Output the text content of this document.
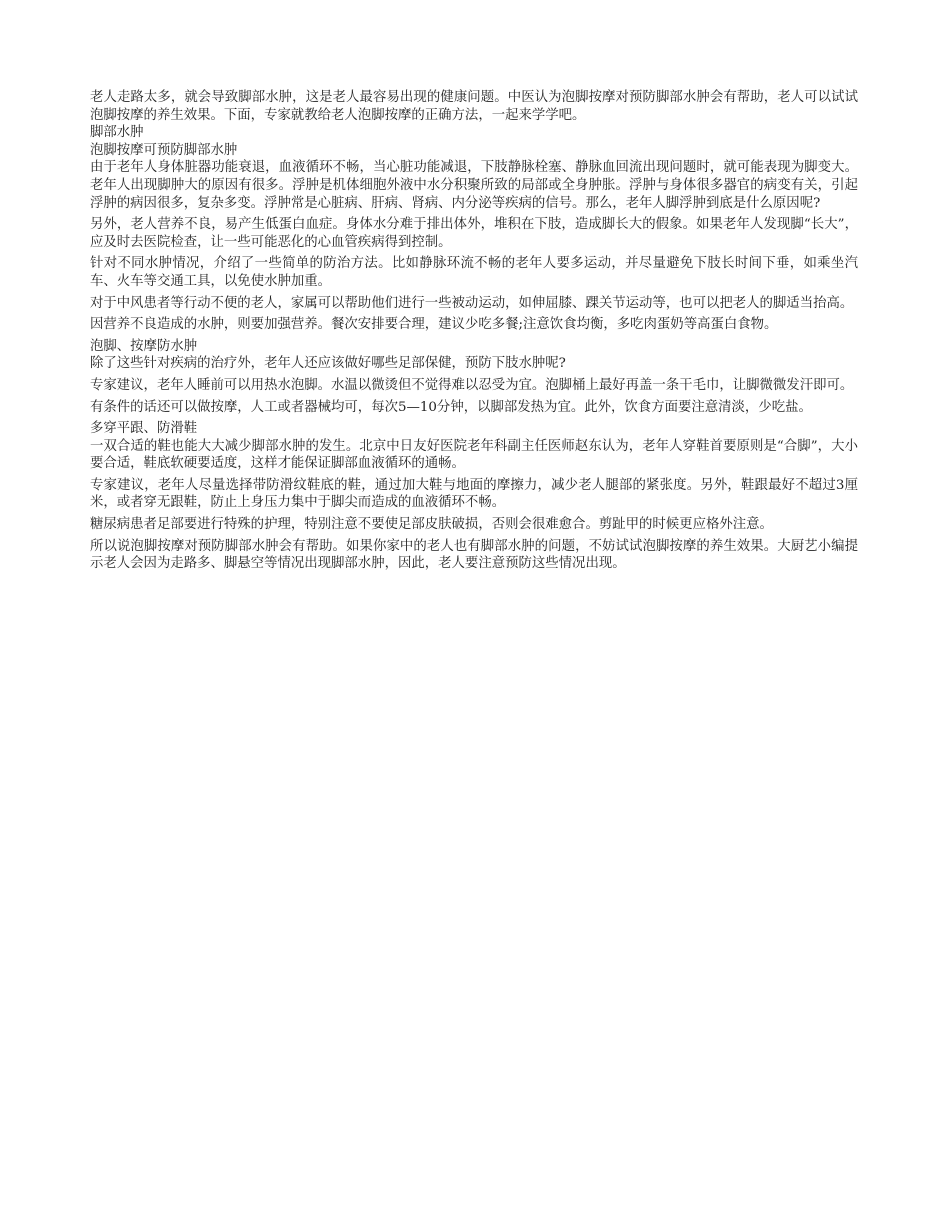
老人走路太多，就会导致脚部水肿，这是老人最容易出现的健康问题。中医认为泡脚按摩对预防脚部水肿会有帮助，老人可以试试泡脚按摩的养生效果。下面，专家就教给老人泡脚按摩的正确方法，一起来学学吧。

脚部水肿
泡脚按摩可预防脚部水肿

由于老年人身体脏器功能衰退，血液循环不畅，当心脏功能减退，下肢静脉栓塞、静脉血回流出现问题时，就可能表现为脚变大。老年人出现脚肿大的原因有很多。浮肿是机体细胞外液中水分积聚所致的局部或全身肿胀。浮肿与身体很多器官的病变有关，引起浮肿的病因很多，复杂多变。浮肿常是心脏病、肝病、肾病、内分泌等疾病的信号。那么，老年人脚浮肿到底是什么原因呢?

另外，老人营养不良，易产生低蛋白血症。身体水分难于排出体外，堆积在下肢，造成脚长大的假象。如果老年人发现脚“长大”，应及时去医院检查，让一些可能恶化的心血管疾病得到控制。

针对不同水肿情况，介绍了一些简单的防治方法。比如静脉环流不畅的老年人要多运动，并尽量避免下肢长时间下垂，如乘坐汽车、火车等交通工具，以免使水肿加重。

对于中风患者等行动不便的老人，家属可以帮助他们进行一些被动运动，如伸屈膝、踝关节运动等，也可以把老人的脚适当抬高。

因营养不良造成的水肿，则要加强营养。餐次安排要合理，建议少吃多餐;注意饮食均衡，多吃肉蛋奶等高蛋白食物。

泡脚、按摩防水肿

除了这些针对疾病的治疗外，老年人还应该做好哪些足部保健，预防下肢水肿呢?

专家建议，老年人睡前可以用热水泡脚。水温以微烫但不觉得难以忍受为宜。泡脚桶上最好再盖一条干毛巾，让脚微微发汗即可。

有条件的话还可以做按摩，人工或者器械均可，每次5—10分钟，以脚部发热为宜。此外，饮食方面要注意清淡，少吃盐。

多穿平跟、防滑鞋

一双合适的鞋也能大大减少脚部水肿的发生。北京中日友好医院老年科副主任医师赵东认为，老年人穿鞋首要原则是“合脚”，大小要合适，鞋底软硬要适度，这样才能保证脚部血液循环的通畅。

专家建议，老年人尽量选择带防滑纹鞋底的鞋，通过加大鞋与地面的摩擦力，减少老人腿部的紧张度。另外，鞋跟最好不超过3厘米，或者穿无跟鞋，防止上身压力集中于脚尖而造成的血液循环不畅。

糖尿病患者足部要进行特殊的护理，特别注意不要使足部皮肤破损，否则会很难愈合。剪趾甲的时候更应格外注意。

所以说泡脚按摩对预防脚部水肿会有帮助。如果你家中的老人也有脚部水肿的问题，不妨试试泡脚按摩的养生效果。大厨艺小编提示老人会因为走路多、脚悬空等情况出现脚部水肿，因此，老人要注意预防这些情况出现。
